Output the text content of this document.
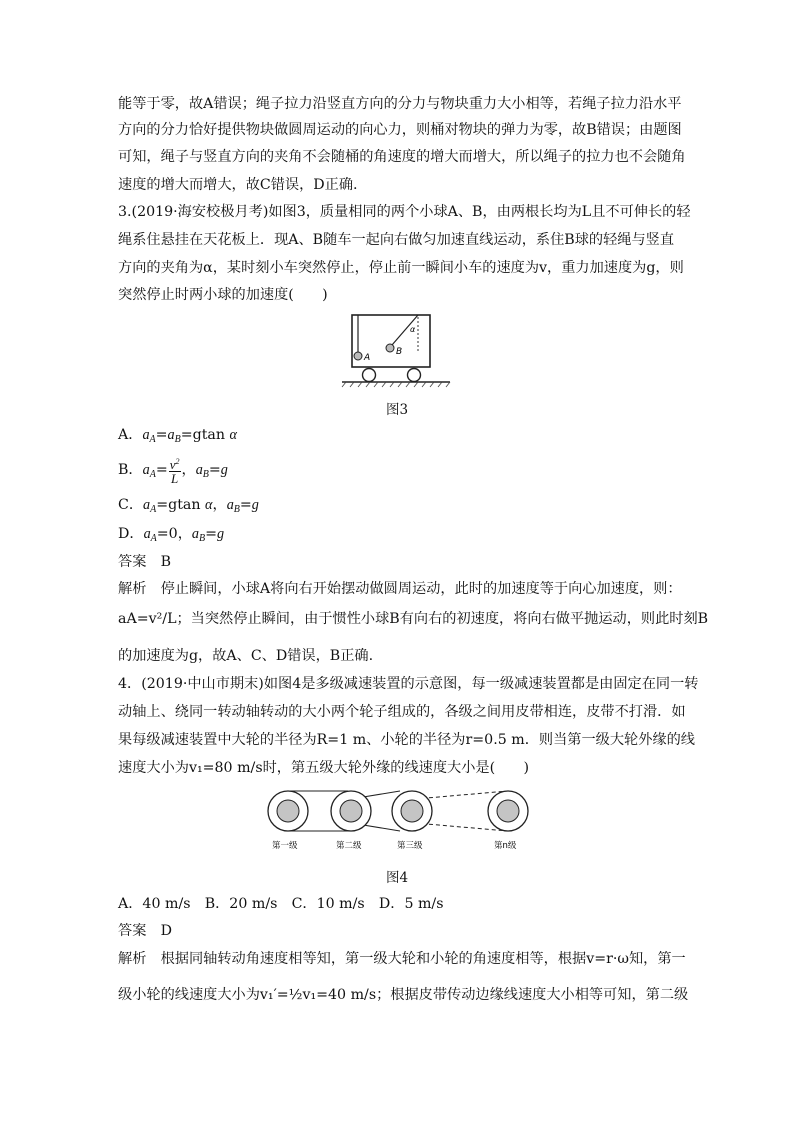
能等于零，故A错误；绳子拉力沿竖直方向的分力与物块重力大小相等，若绳子拉力沿水平
方向的分力恰好提供物块做圆周运动的向心力，则桶对物块的弹力为零，故B错误；由题图
可知，绳子与竖直方向的夹角不会随桶的角速度的增大而增大，所以绳子的拉力也不会随角
速度的增大而增大，故C错误，D正确.
3.(2019·海安校极月考)如图3，质量相同的两个小球A、B，由两根长均为L且不可伸长的轻
绳系住悬挂在天花板上．现A、B随车一起向右做匀加速直线运动，系住B球的轻绳与竖直
方向的夹角为α，某时刻小车突然停止，停止前一瞬间小车的速度为v，重力加速度为g，则
突然停止时两小球的加速度(　　)
A
B
α
图3
A．$a_A=a_B=gtan$ α
B．$a_A= \frac{v^2}{L}$ ，$a_B=g$
C．$a_A=gtan$ α，$a_B=g$
D．$a_A=0$，$a_B=g$
答案　 B
解析　 停止瞬间，小球A将向右开始摆动做圆周运动，此时的加速度等于向心加速度，则：
aA=v²/L；当突然停止瞬间，由于惯性小球B有向右的初速度，将向右做平抛运动，则此时刻B
的加速度为g，故A、C、D错误，B正确.
4．(2019·中山市期末)如图4是多级减速装置的示意图，每一级减速装置都是由固定在同一转
动轴上、绕同一转动轴转动的大小两个轮子组成的，各级之间用皮带相连，皮带不打滑．如
果每级减速装置中大轮的半径为R=1 m、小轮的半径为r=0.5 m．则当第一级大轮外缘的线
速度大小为v₁=80 m/s时，第五级大轮外缘的线速度大小是(　　)
第一级	第二级	第三级	第n级
图4
A．40 m/s　B．20 m/s　C．10 m/s　D．5 m/s
答案　 D
解析　 根据同轴转动角速度相等知，第一级大轮和小轮的角速度相等，根据v=r·ω知，第一
级小轮的线速度大小为v₁′=½v₁=40 m/s；根据皮带传动边缘线速度大小相等可知，第二级
